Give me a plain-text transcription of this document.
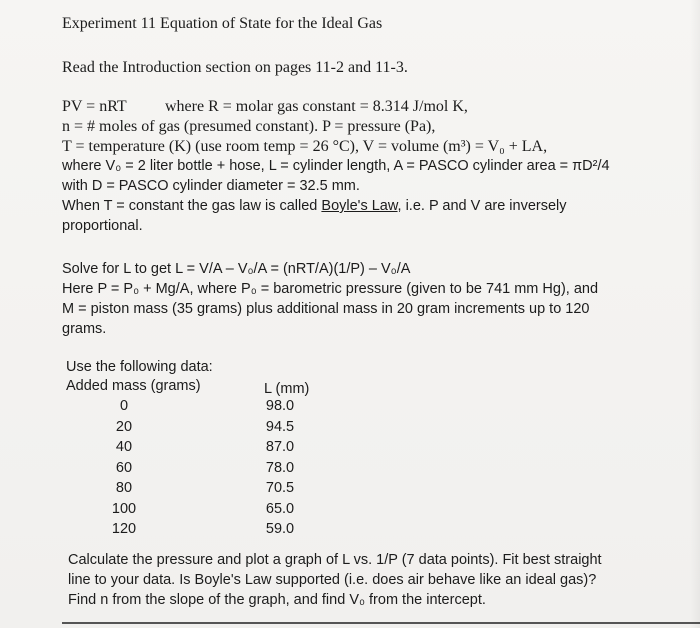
Experiment 11 Equation of State for the Ideal Gas
Read the Introduction section on pages 11-2 and 11-3.
PV = nRT where R = molar gas constant = 8.314 J/mol K,
n = # moles of gas (presumed constant). P = pressure (Pa),
T = temperature (K) (use room temp = 26 °C), V = volume (m³) = V₀ + LA,
where V₀ = 2 liter bottle + hose, L = cylinder length, A = PASCO cylinder area = πD²/4
with D = PASCO cylinder diameter = 32.5 mm.
When T = constant the gas law is called Boyle's Law, i.e. P and V are inversely
proportional.
Solve for L to get L = V/A – V₀/A = (nRT/A)(1/P) – V₀/A
Here P = P₀ + Mg/A, where P₀ = barometric pressure (given to be 741 mm Hg), and
M = piston mass (35 grams) plus additional mass in 20 gram increments up to 120
grams.
Use the following data:
Added mass (grams)	L (mm)
0
20
40
60
80
100
120
98.0
94.5
87.0
78.0
70.5
65.0
59.0
Calculate the pressure and plot a graph of L vs. 1/P (7 data points). Fit best straight
line to your data. Is Boyle's Law supported (i.e. does air behave like an ideal gas)?
Find n from the slope of the graph, and find V₀ from the intercept.
